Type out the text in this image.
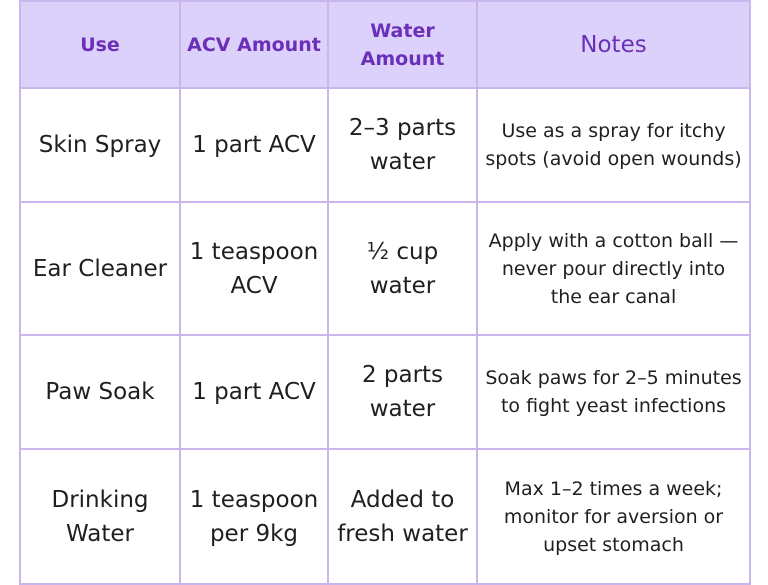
Use	ACV Amount	Water Amount	Notes
Skin Spray	1 part ACV	2–3 parts water	Use as a spray for itchy spots (avoid open wounds)
Ear Cleaner	1 teaspoon ACV	½ cup water	Apply with a cotton ball —never pour directly into the ear canal
Paw Soak	1 part ACV	2 parts water	Soak paws for 2–5 minutes to fight yeast infections
Drinking Water	1 teaspoon per 9kg	Added to fresh water	Max 1–2 times a week; monitor for aversion or upset stomach
